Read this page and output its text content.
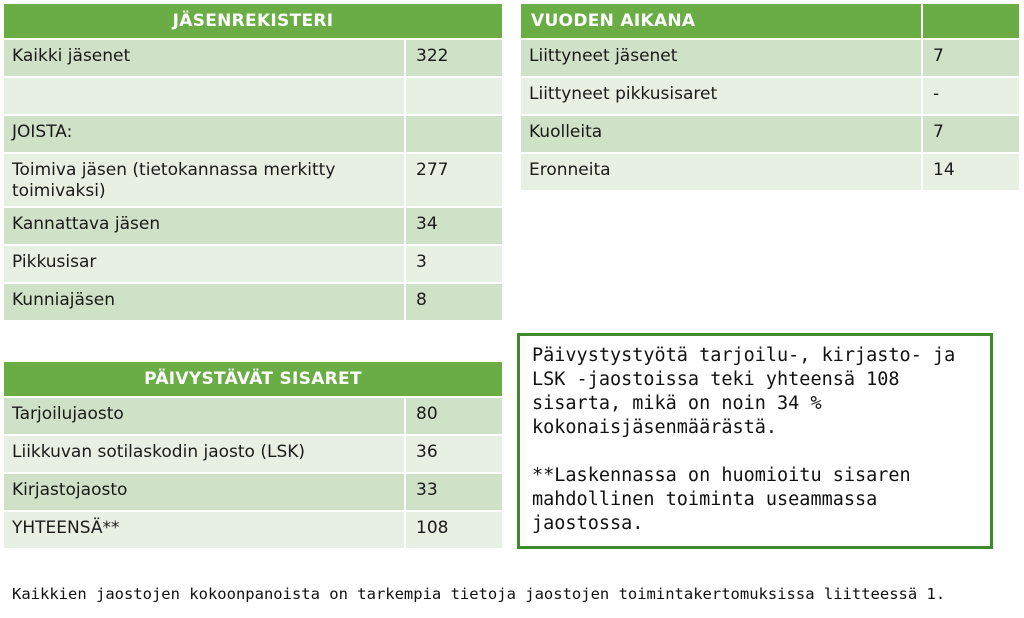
JÄSENREKISTERI	
Kaikki jäsenet	322

JOISTA:	
Toimiva jäsen (tietokannassa merkitty toimivaksi)	277
Kannattava jäsen	34
Pikkusisar	3
Kunniajäsen	8
VUODEN AIKANA	
Liittyneet jäsenet	7
Liittyneet pikkusisaret	-
Kuolleita	7
Eronneita	14
PÄIVYSTÄVÄT SISARET	
Tarjoilujaosto	80
Liikkuvan sotilaskodin jaosto (LSK)	36
Kirjastojaosto	33
YHTEENSÄ**	108

Päivystystyötä tarjoilu-, kirjasto- ja LSK -jaostoissa teki yhteensä 108 sisarta, mikä on noin 34 % kokonaisjäsenmäärästä.

**Laskennassa on huomioitu sisaren mahdollinen toiminta useammassa jaostossa.

Kaikkien jaostojen kokoonpanoista on tarkempia tietoja jaostojen toimintakertomuksissa liitteessä 1.
